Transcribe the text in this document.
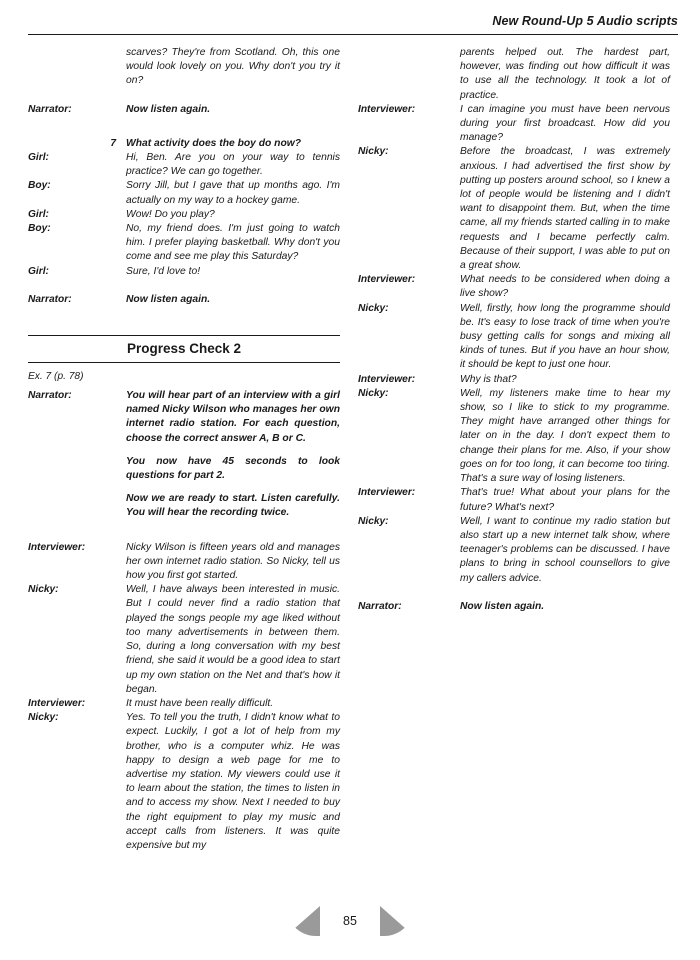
New Round-Up 5 Audio scripts
scarves? They're from Scotland. Oh, this one would look lovely on you. Why don't you try it on?
Narrator:	Now listen again.
7 What activity does the boy do now?
Girl:	Hi, Ben. Are you on your way to tennis practice? We can go together.
Boy:	Sorry Jill, but I gave that up months ago. I'm actually on my way to a hockey game.
Girl:	Wow! Do you play?
Boy:	No, my friend does. I'm just going to watch him. I prefer playing basketball. Why don't you come and see me play this Saturday?
Girl:	Sure, I'd love to!
Narrator:	Now listen again.
Progress Check 2
Ex. 7 (p. 78)
Narrator:	You will hear part of an interview with a girl named Nicky Wilson who manages her own internet radio station. For each question, choose the correct answer A, B or C.
You now have 45 seconds to look questions for part 2.
Now we are ready to start. Listen carefully. You will hear the recording twice.
Interviewer:	Nicky Wilson is fifteen years old and manages her own internet radio station. So Nicky, tell us how you first got started.
Nicky:	Well, I have always been interested in music. But I could never find a radio station that played the songs people my age liked without too many advertisements in between them. So, during a long conversation with my best friend, she said it would be a good idea to start up my own station on the Net and that's how it began.
Interviewer:	It must have been really difficult.
Nicky:	Yes. To tell you the truth, I didn't know what to expect. Luckily, I got a lot of help from my brother, who is a computer whiz. He was happy to design a web page for me to advertise my station. My viewers could use it to learn about the station, the times to listen in and to access my show. Next I needed to buy the right equipment to play my music and accept calls from listeners. It was quite expensive but my
parents helped out. The hardest part, however, was finding out how difficult it was to use all the technology. It took a lot of practice.
Interviewer:	I can imagine you must have been nervous during your first broadcast. How did you manage?
Nicky:	Before the broadcast, I was extremely anxious. I had advertised the first show by putting up posters around school, so I knew a lot of people would be listening and I didn't want to disappoint them. But, when the time came, all my friends started calling in to make requests and I became perfectly calm. Because of their support, I was able to put on a great show.
Interviewer:	What needs to be considered when doing a live show?
Nicky:	Well, firstly, how long the programme should be. It's easy to lose track of time when you're busy getting calls for songs and mixing all kinds of tunes. But if you have an hour show, it should be kept to just one hour.
Interviewer:	Why is that?
Nicky:	Well, my listeners make time to hear my show, so I like to stick to my programme. They might have arranged other things for later on in the day. I don't expect them to change their plans for me. Also, if your show goes on for too long, it can become too tiring. That's a sure way of losing listeners.
Interviewer:	That's true! What about your plans for the future? What's next?
Nicky:	Well, I want to continue my radio station but also start up a new internet talk show, where teenager's problems can be discussed. I have plans to bring in school counsellors to give my callers advice.
Narrator:	Now listen again.
85
